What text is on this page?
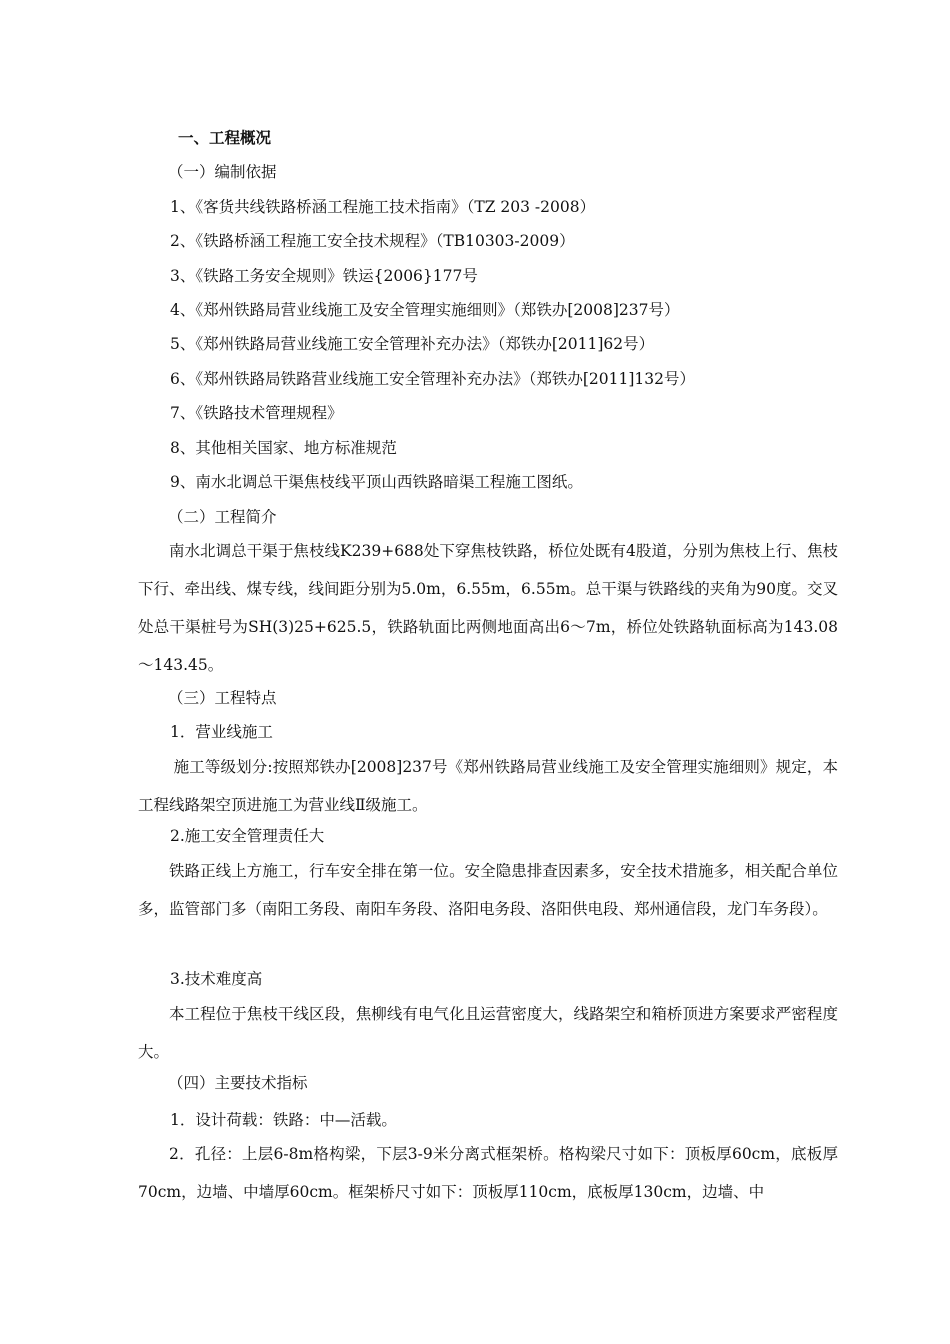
一、工程概况
（一）编制依据
1、《客货共线铁路桥涵工程施工技术指南》（TZ 203 -2008）
2、《铁路桥涵工程施工安全技术规程》（TB10303-2009）
3、《铁路工务安全规则》铁运{2006}177号
4、《郑州铁路局营业线施工及安全管理实施细则》（郑铁办[2008]237号）
5、《郑州铁路局营业线施工安全管理补充办法》（郑铁办[2011]62号）
6、《郑州铁路局铁路营业线施工安全管理补充办法》（郑铁办[2011]132号）
7、《铁路技术管理规程》
8、其他相关国家、地方标准规范
9、南水北调总干渠焦枝线平顶山西铁路暗渠工程施工图纸。
（二）工程简介
南水北调总干渠于焦枝线K239+688处下穿焦枝铁路，桥位处既有4股道，分别为焦枝上行、焦枝下行、牵出线、煤专线，线间距分别为5.0m，6.55m，6.55m。总干渠与铁路线的夹角为90度。交叉处总干渠桩号为SH(3)25+625.5，铁路轨面比两侧地面高出6～7m，桥位处铁路轨面标高为143.08～143.45。
（三）工程特点
1．营业线施工
施工等级划分:按照郑铁办[2008]237号《郑州铁路局营业线施工及安全管理实施细则》规定，本工程线路架空顶进施工为营业线Ⅱ级施工。
2.施工安全管理责任大
铁路正线上方施工，行车安全排在第一位。安全隐患排查因素多，安全技术措施多，相关配合单位多，监管部门多（南阳工务段、南阳车务段、洛阳电务段、洛阳供电段、郑州通信段，龙门车务段）。
3.技术难度高
本工程位于焦枝干线区段，焦柳线有电气化且运营密度大，线路架空和箱桥顶进方案要求严密程度大。
（四）主要技术指标
1．设计荷载：铁路：中—活载。
2．孔径：上层6-8m格构梁，下层3-9米分离式框架桥。格构梁尺寸如下：顶板厚60cm，底板厚70cm，边墙、中墙厚60cm。框架桥尺寸如下：顶板厚110cm，底板厚130cm，边墙、中
